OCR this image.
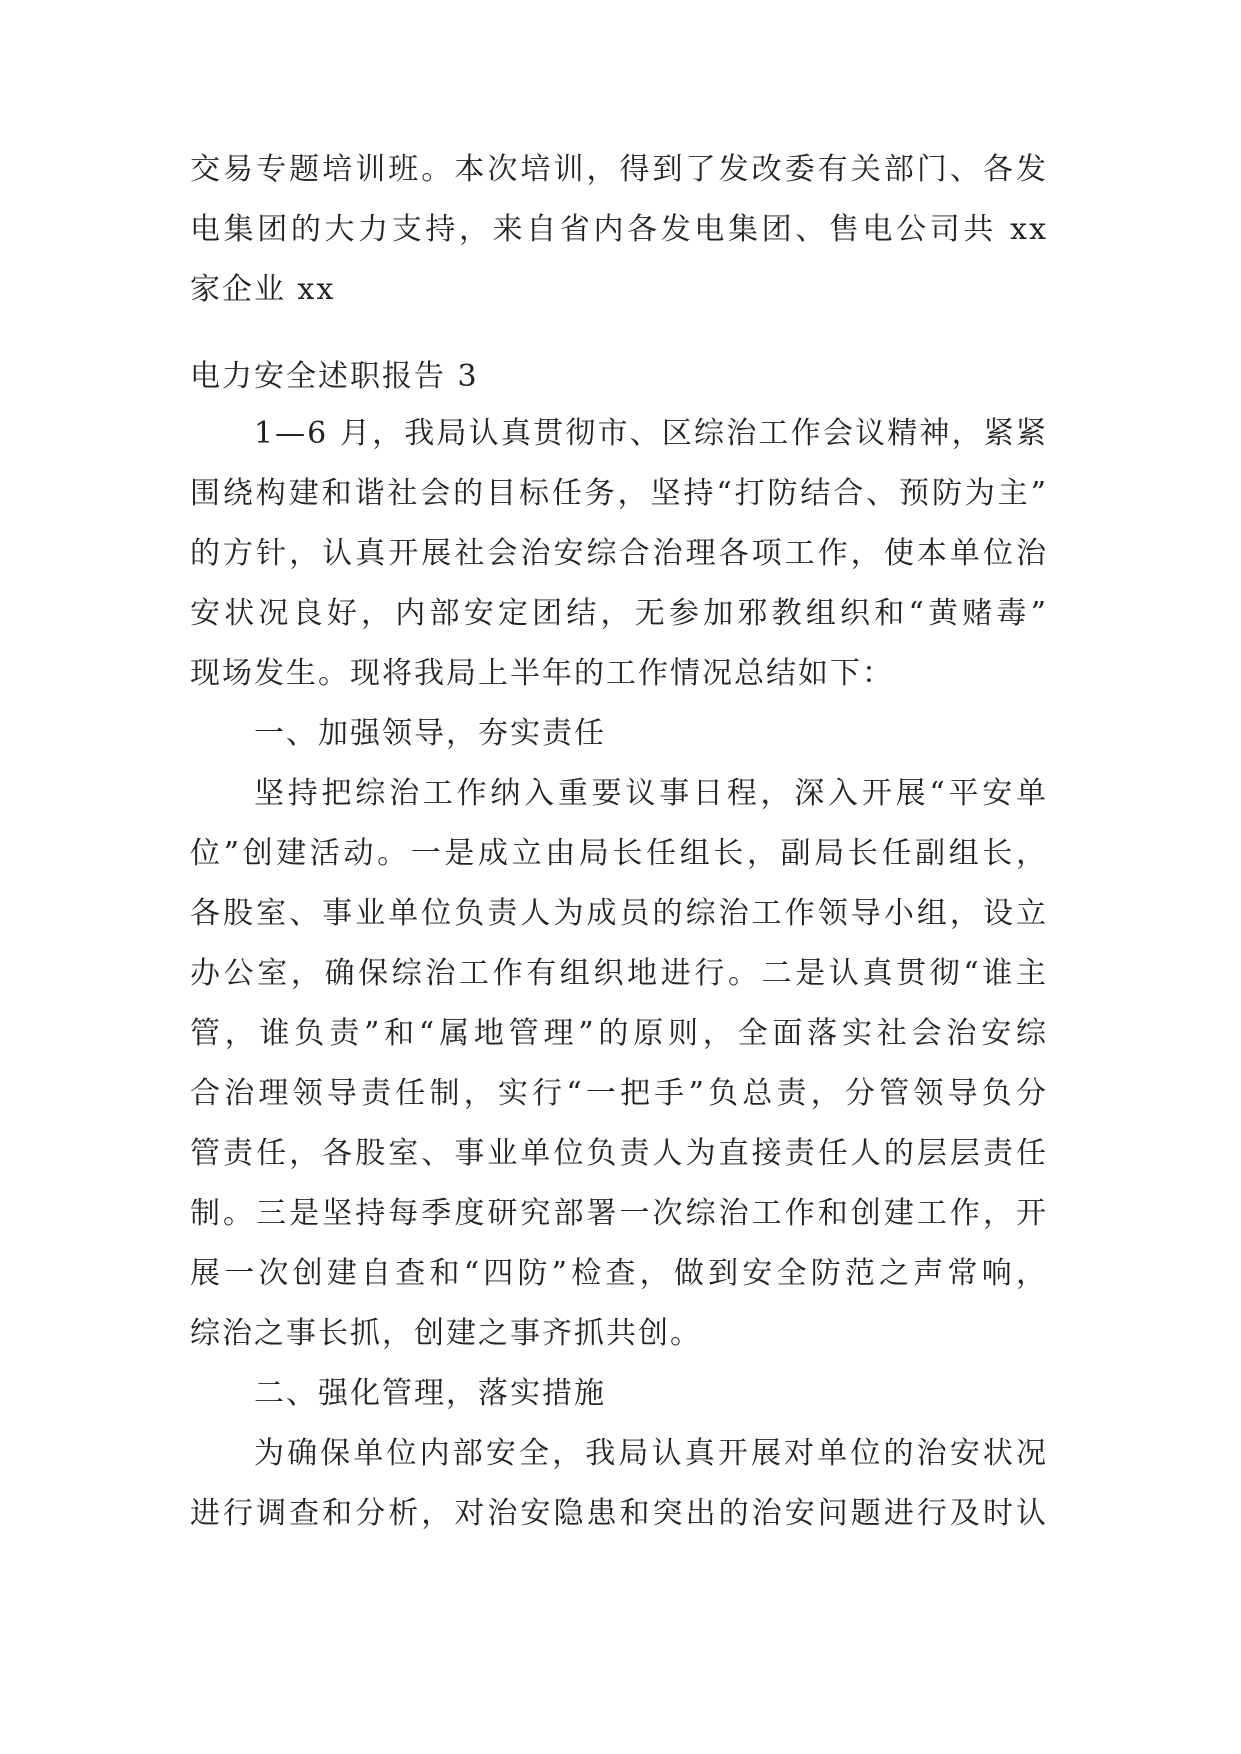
交易专题培训班。本次培训，得到了发改委有关部门、各发
电集团的大力支持，来自省内各发电集团、售电公司共 xx
家企业 xx
电力安全述职报告 3
1—6 月，我局认真贯彻市、区综治工作会议精神，紧紧
围绕构建和谐社会的目标任务，坚持“打防结合、预防为主”
的方针，认真开展社会治安综合治理各项工作，使本单位治
安状况良好，内部安定团结，无参加邪教组织和“黄赌毒”
现场发生。现将我局上半年的工作情况总结如下：
一、加强领导，夯实责任
坚持把综治工作纳入重要议事日程，深入开展“平安单
位”创建活动。一是成立由局长任组长，副局长任副组长，
各股室、事业单位负责人为成员的综治工作领导小组，设立
办公室，确保综治工作有组织地进行。二是认真贯彻“谁主
管，谁负责”和“属地管理”的原则，全面落实社会治安综
合治理领导责任制，实行“一把手”负总责，分管领导负分
管责任，各股室、事业单位负责人为直接责任人的层层责任
制。三是坚持每季度研究部署一次综治工作和创建工作，开
展一次创建自查和“四防”检查，做到安全防范之声常响，
综治之事长抓，创建之事齐抓共创。
二、强化管理，落实措施
为确保单位内部安全，我局认真开展对单位的治安状况
进行调查和分析，对治安隐患和突出的治安问题进行及时认
